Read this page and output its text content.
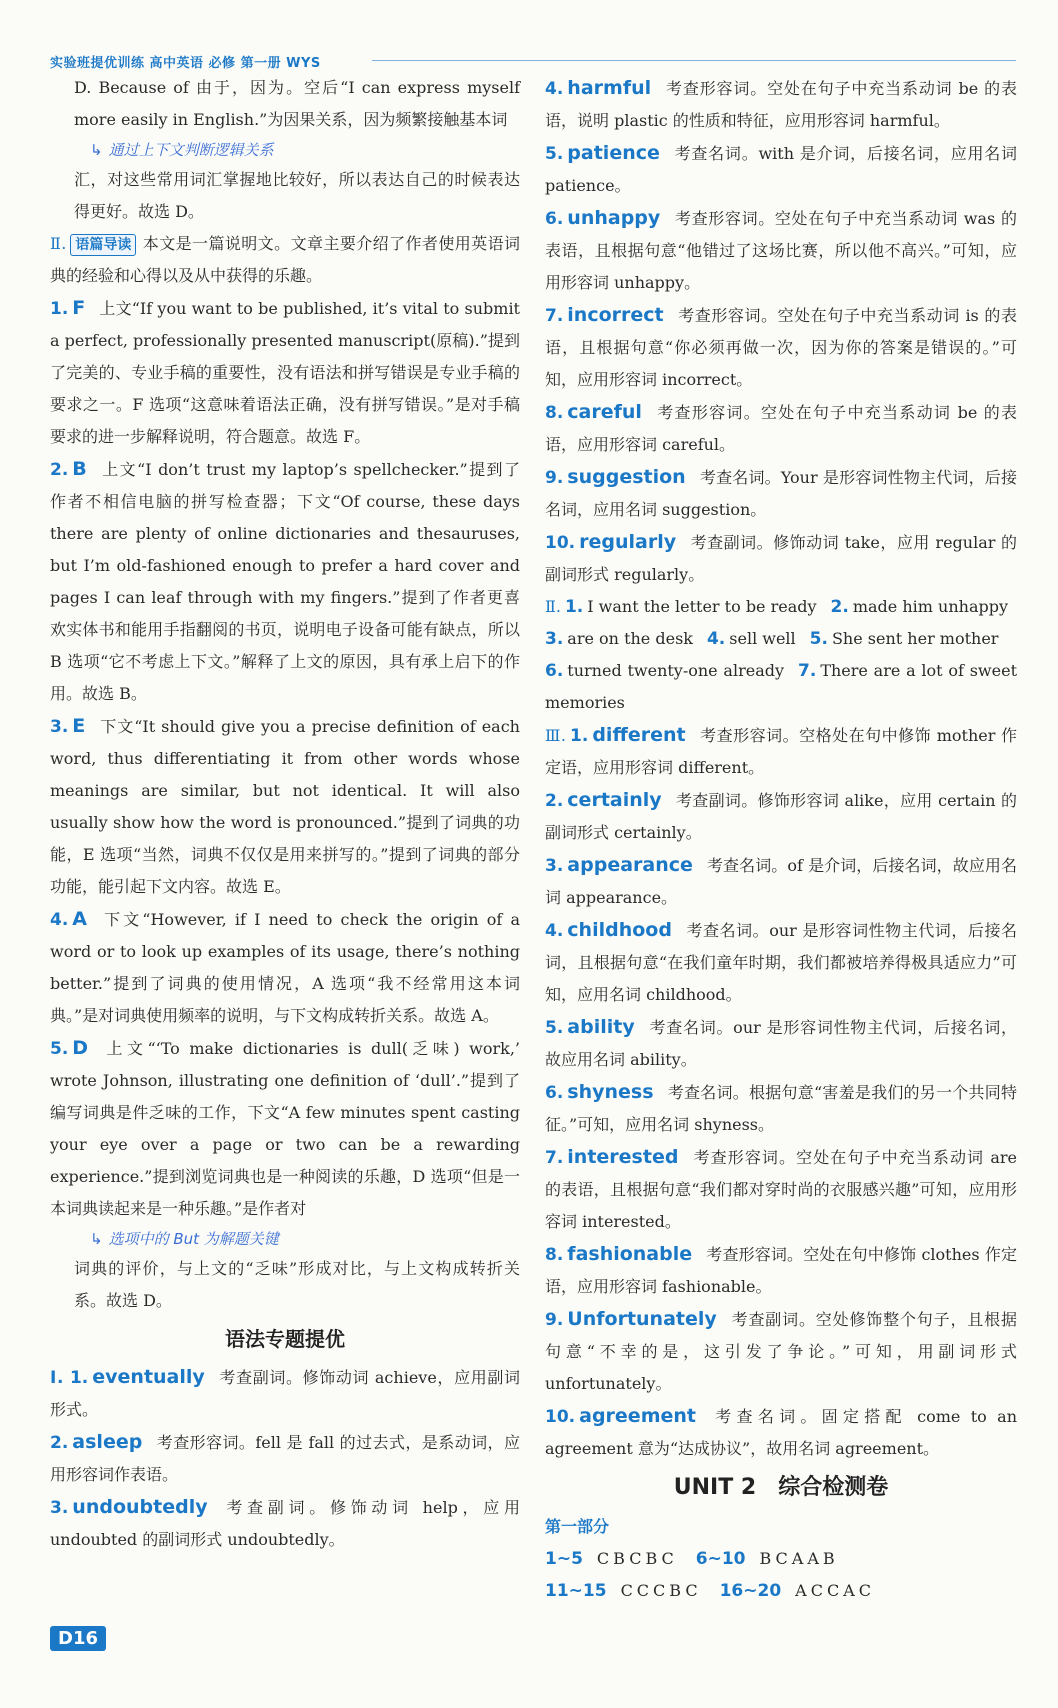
实验班提优训练 高中英语 必修 第一册 WYS

D. Because of 由于，因为。空后“I can express myself more easily in English.”为因果关系，因为频繁接触基本词

↳ 通过上下文判断逻辑关系

汇，对这些常用词汇掌握地比较好，所以表达自己的时候表达得更好。故选 D。

Ⅱ. 语篇导读 本文是一篇说明文。文章主要介绍了作者使用英语词典的经验和心得以及从中获得的乐趣。

1. F 上文“If you want to be published, it’s vital to submit a perfect, professionally presented manuscript(原稿).”提到了完美的、专业手稿的重要性，没有语法和拼写错误是专业手稿的要求之一。F 选项“这意味着语法正确，没有拼写错误。”是对手稿要求的进一步解释说明，符合题意。故选 F。

2. B 上文“I don’t trust my laptop’s spellchecker.”提到了作者不相信电脑的拼写检查器；下文“Of course, these days there are plenty of online dictionaries and thesauruses, but I’m old-fashioned enough to prefer a hard cover and pages I can leaf through with my fingers.”提到了作者更喜欢实体书和能用手指翻阅的书页，说明电子设备可能有缺点，所以 B 选项“它不考虑上下文。”解释了上文的原因，具有承上启下的作用。故选 B。

3. E 下文“It should give you a precise definition of each word, thus differentiating it from other words whose meanings are similar, but not identical. It will also usually show how the word is pronounced.”提到了词典的功能，E 选项“当然，词典不仅仅是用来拼写的。”提到了词典的部分功能，能引起下文内容。故选 E。

4. A 下文“However, if I need to check the origin of a word or to look up examples of its usage, there’s nothing better.”提到了词典的使用情况，A 选项“我不经常用这本词典。”是对词典使用频率的说明，与下文构成转折关系。故选 A。

5. D 上文“‘To make dictionaries is dull(乏味) work,’ wrote Johnson, illustrating one definition of ‘dull’.”提到了编写词典是件乏味的工作，下文“A few minutes spent casting your eye over a page or two can be a rewarding experience.”提到浏览词典也是一种阅读的乐趣，D 选项“但是一本词典读起来是一种乐趣。”是作者对

↳ 选项中的 But 为解题关键

词典的评价，与上文的“乏味”形成对比，与上文构成转折关系。故选 D。

语法专题提优

Ⅰ. 1. eventually 考查副词。修饰动词 achieve，应用副词形式。

2. asleep 考查形容词。fell 是 fall 的过去式，是系动词，应用形容词作表语。

3. undoubtedly 考查副词。修饰动词 help，应用 undoubted 的副词形式 undoubtedly。

4. harmful 考查形容词。空处在句子中充当系动词 be 的表语，说明 plastic 的性质和特征，应用形容词 harmful。

5. patience 考查名词。with 是介词，后接名词，应用名词 patience。

6. unhappy 考查形容词。空处在句子中充当系动词 was 的表语，且根据句意“他错过了这场比赛，所以他不高兴。”可知，应用形容词 unhappy。

7. incorrect 考查形容词。空处在句子中充当系动词 is 的表语，且根据句意“你必须再做一次，因为你的答案是错误的。”可知，应用形容词 incorrect。

8. careful 考查形容词。空处在句子中充当系动词 be 的表语，应用形容词 careful。

9. suggestion 考查名词。Your 是形容词性物主代词，后接名词，应用名词 suggestion。

10. regularly 考查副词。修饰动词 take，应用 regular 的副词形式 regularly。

Ⅱ. 1. I want the letter to be ready 2. made him unhappy

3. are on the desk 4. sell well 5. She sent her mother

6. turned twenty-one already 7. There are a lot of sweet memories

Ⅲ. 1. different 考查形容词。空格处在句中修饰 mother 作定语，应用形容词 different。

2. certainly 考查副词。修饰形容词 alike，应用 certain 的副词形式 certainly。

3. appearance 考查名词。of 是介词，后接名词，故应用名词 appearance。

4. childhood 考查名词。our 是形容词性物主代词，后接名词，且根据句意“在我们童年时期，我们都被培养得极具适应力”可知，应用名词 childhood。

5. ability 考查名词。our 是形容词性物主代词，后接名词，故应用名词 ability。

6. shyness 考查名词。根据句意“害羞是我们的另一个共同特征。”可知，应用名词 shyness。

7. interested 考查形容词。空处在句子中充当系动词 are 的表语，且根据句意“我们都对穿时尚的衣服感兴趣”可知，应用形容词 interested。

8. fashionable 考查形容词。空处在句中修饰 clothes 作定语，应用形容词 fashionable。

9. Unfortunately 考查副词。空处修饰整个句子，且根据句意“不幸的是，这引发了争论。”可知，用副词形式 unfortunately。

10. agreement 考查名词。固定搭配 come to an agreement 意为“达成协议”，故用名词 agreement。

UNIT 2　综合检测卷
第一部分

1~5 CBCBC 6~10 BCAAB

11~15 CCCBC 16~20 ACCAC

D16
